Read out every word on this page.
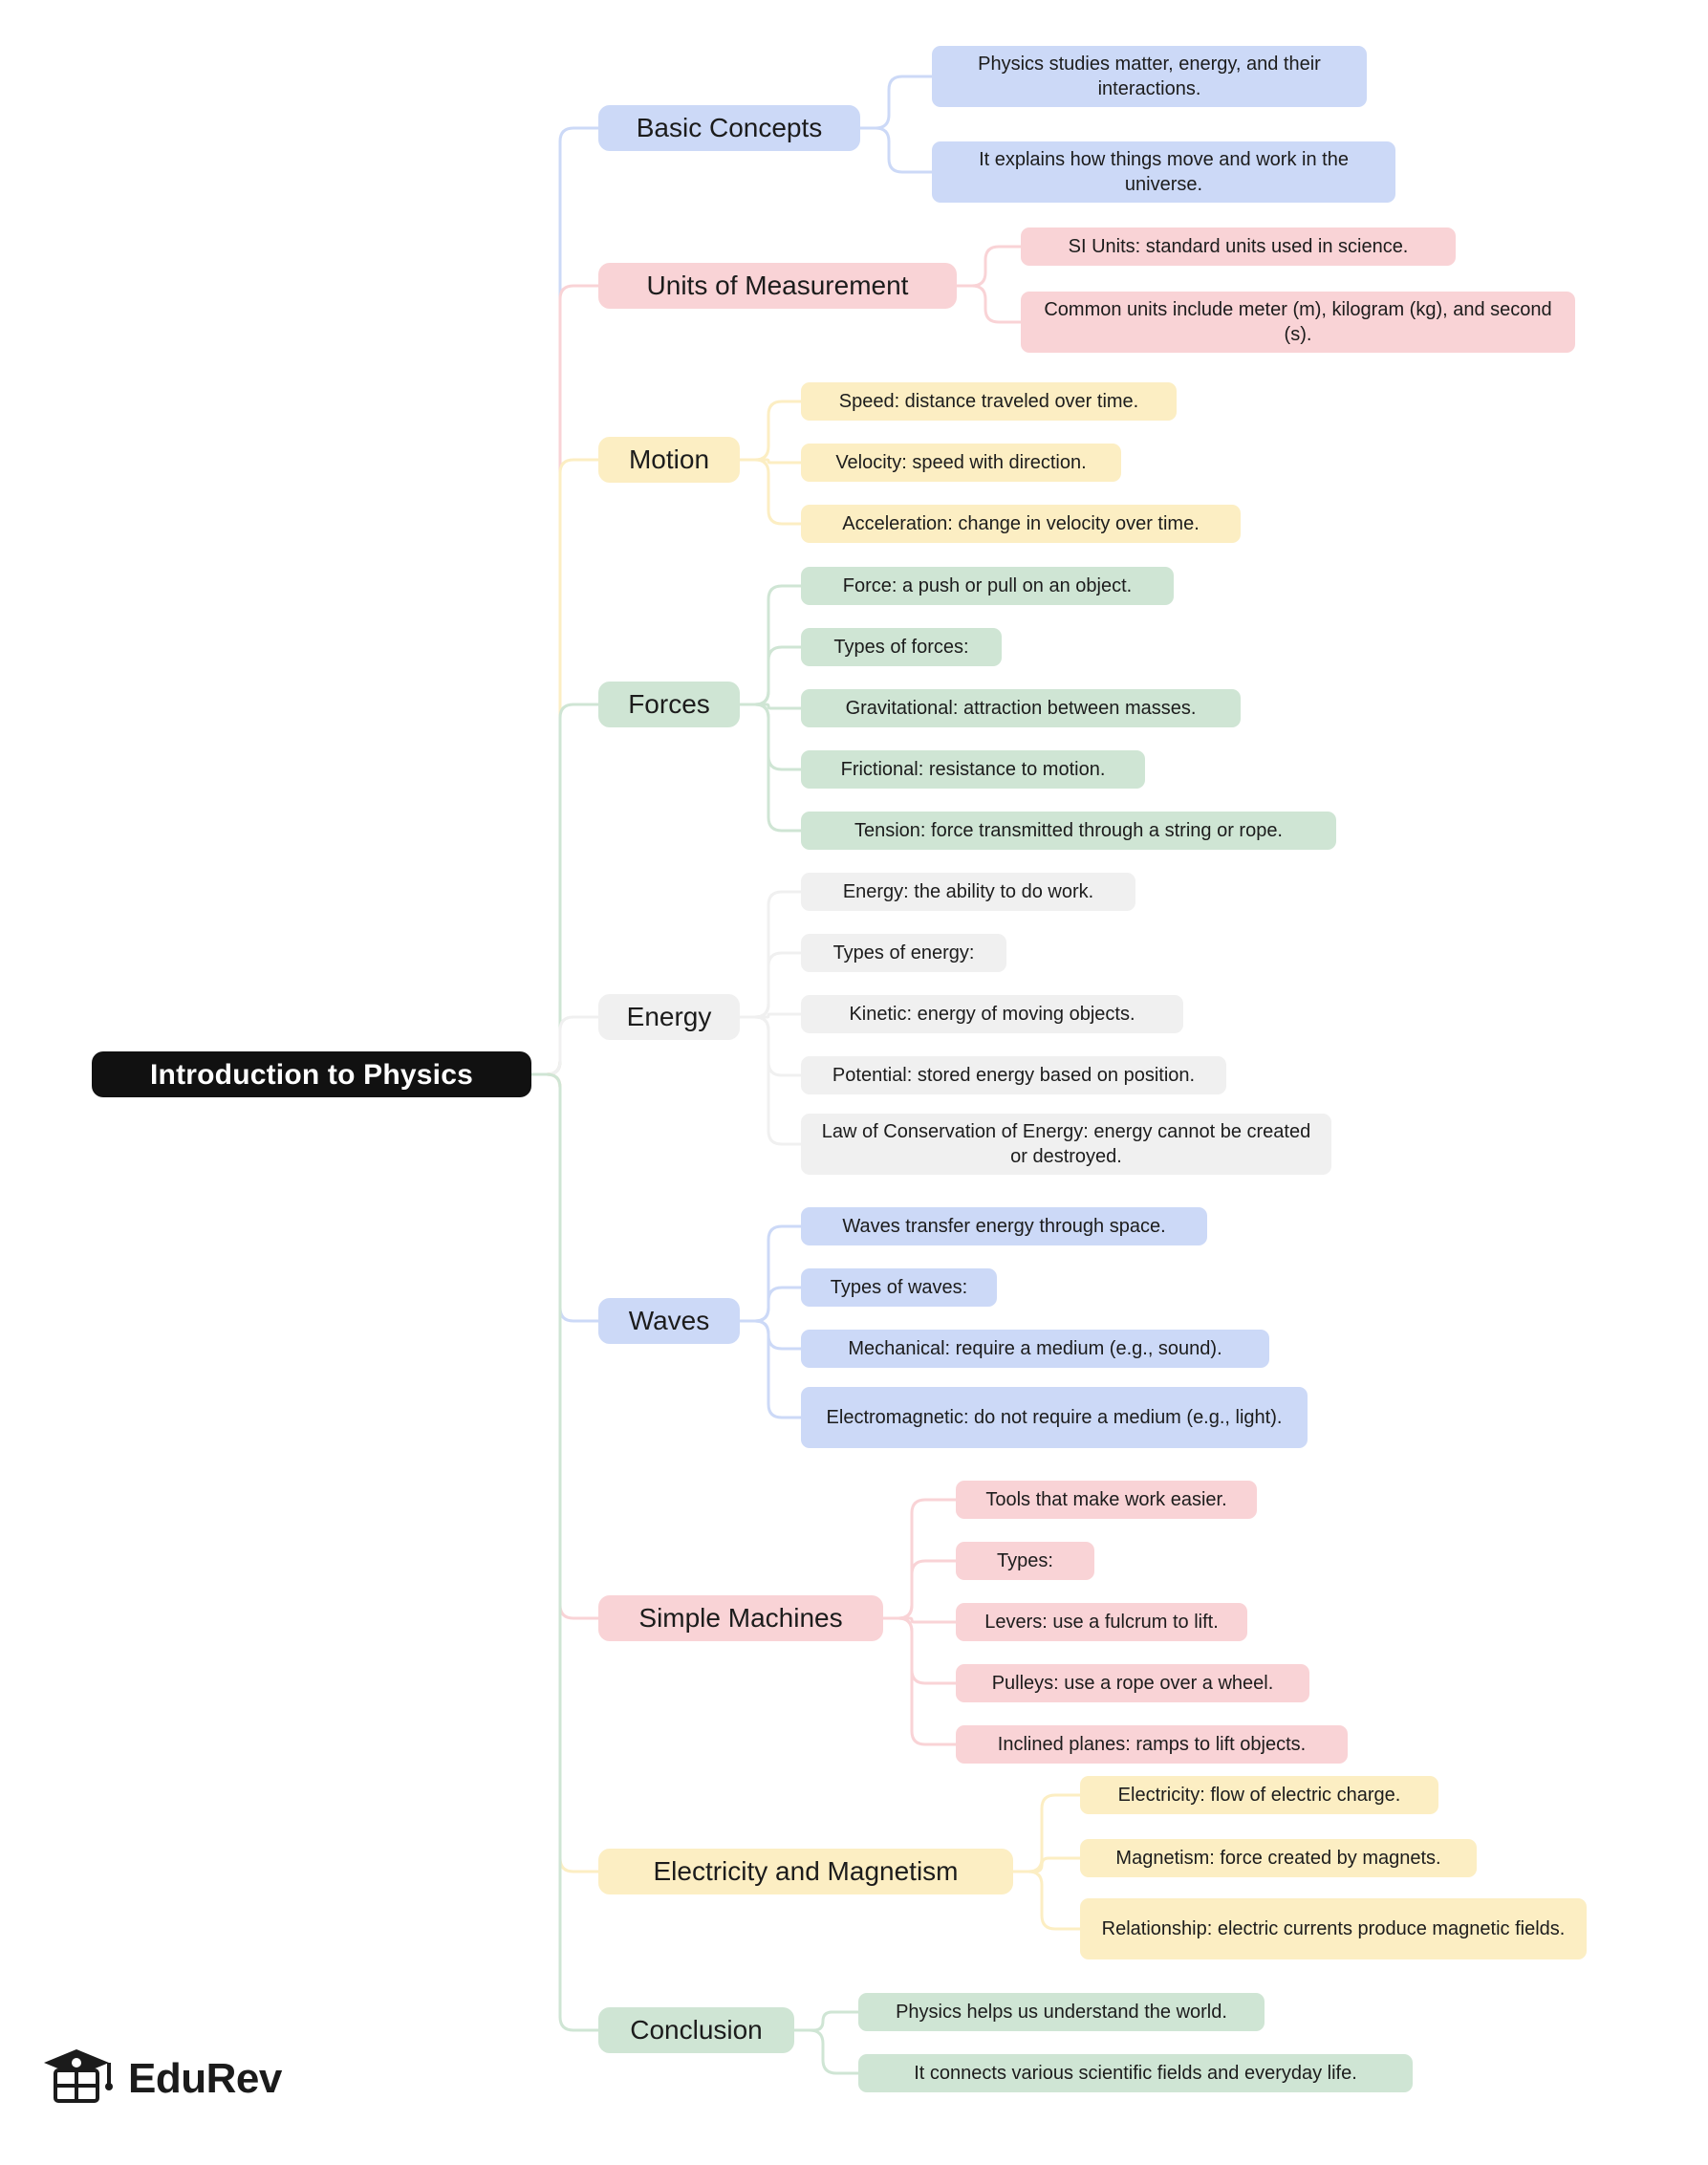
Introduction to Physics
Basic Concepts
Physics studies matter, energy, and their interactions.
It explains how things move and work in the universe.
Units of Measurement
SI Units: standard units used in science.
Common units include meter (m), kilogram (kg), and second (s).
Motion
Speed: distance traveled over time.
Velocity: speed with direction.
Acceleration: change in velocity over time.
Forces
Force: a push or pull on an object.
Types of forces:
Gravitational: attraction between masses.
Frictional: resistance to motion.
Tension: force transmitted through a string or rope.
Energy
Energy: the ability to do work.
Types of energy:
Kinetic: energy of moving objects.
Potential: stored energy based on position.
Law of Conservation of Energy: energy cannot be created or destroyed.
Waves
Waves transfer energy through space.
Types of waves:
Mechanical: require a medium (e.g., sound).
Electromagnetic: do not require a medium (e.g., light).
Simple Machines
Tools that make work easier.
Types:
Levers: use a fulcrum to lift.
Pulleys: use a rope over a wheel.
Inclined planes: ramps to lift objects.
Electricity and Magnetism
Electricity: flow of electric charge.
Magnetism: force created by magnets.
Relationship: electric currents produce magnetic fields.
Conclusion
Physics helps us understand the world.
It connects various scientific fields and everyday life.
EduRev
